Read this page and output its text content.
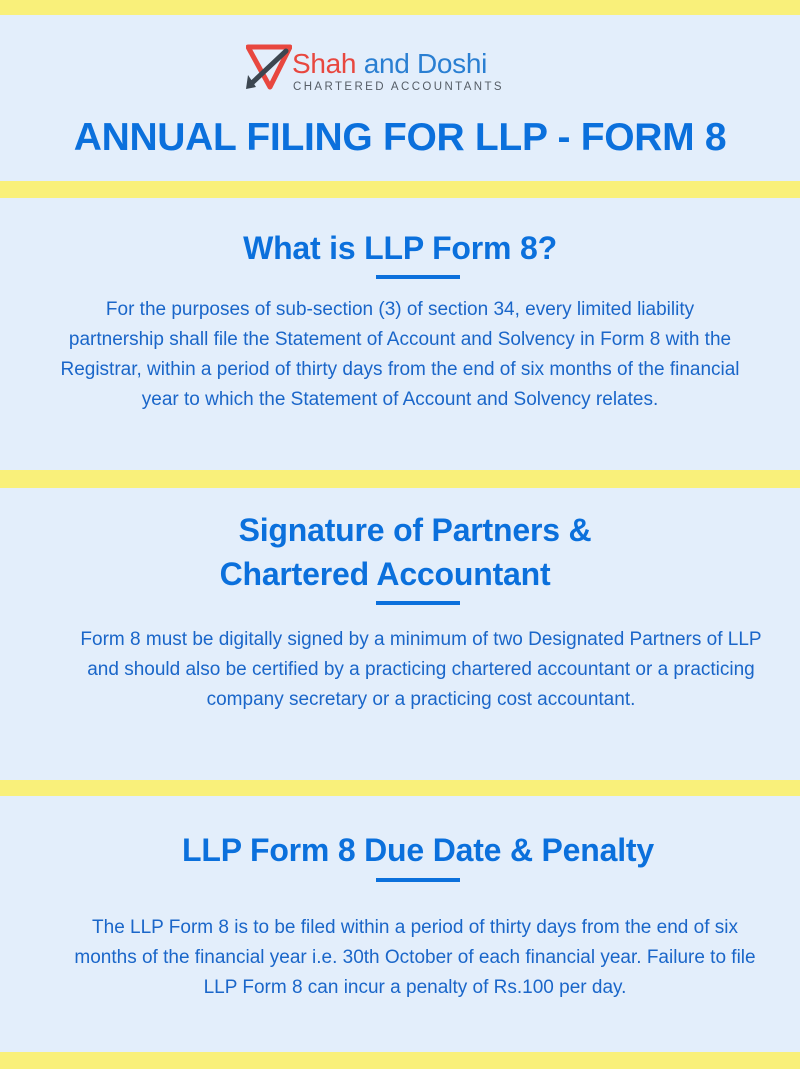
Shah and Doshi
CHARTERED ACCOUNTANTS
ANNUAL FILING FOR LLP - FORM 8
What is LLP Form 8?
For the purposes of sub-section (3) of section 34, every limited liability partnership shall file the Statement of Account and Solvency in Form 8 with the Registrar, within a period of thirty days from the end of six months of the financial year to which the Statement of Account and Solvency relates.
Signature of Partners &
Chartered Accountant
Form 8 must be digitally signed by a minimum of two Designated Partners of LLP and should also be certified by a practicing chartered accountant or a practicing company secretary or a practicing cost accountant.
LLP Form 8 Due Date & Penalty
The LLP Form 8 is to be filed within a period of thirty days from the end of six months of the financial year i.e. 30th October of each financial year. Failure to file LLP Form 8 can incur a penalty of Rs.100 per day.
